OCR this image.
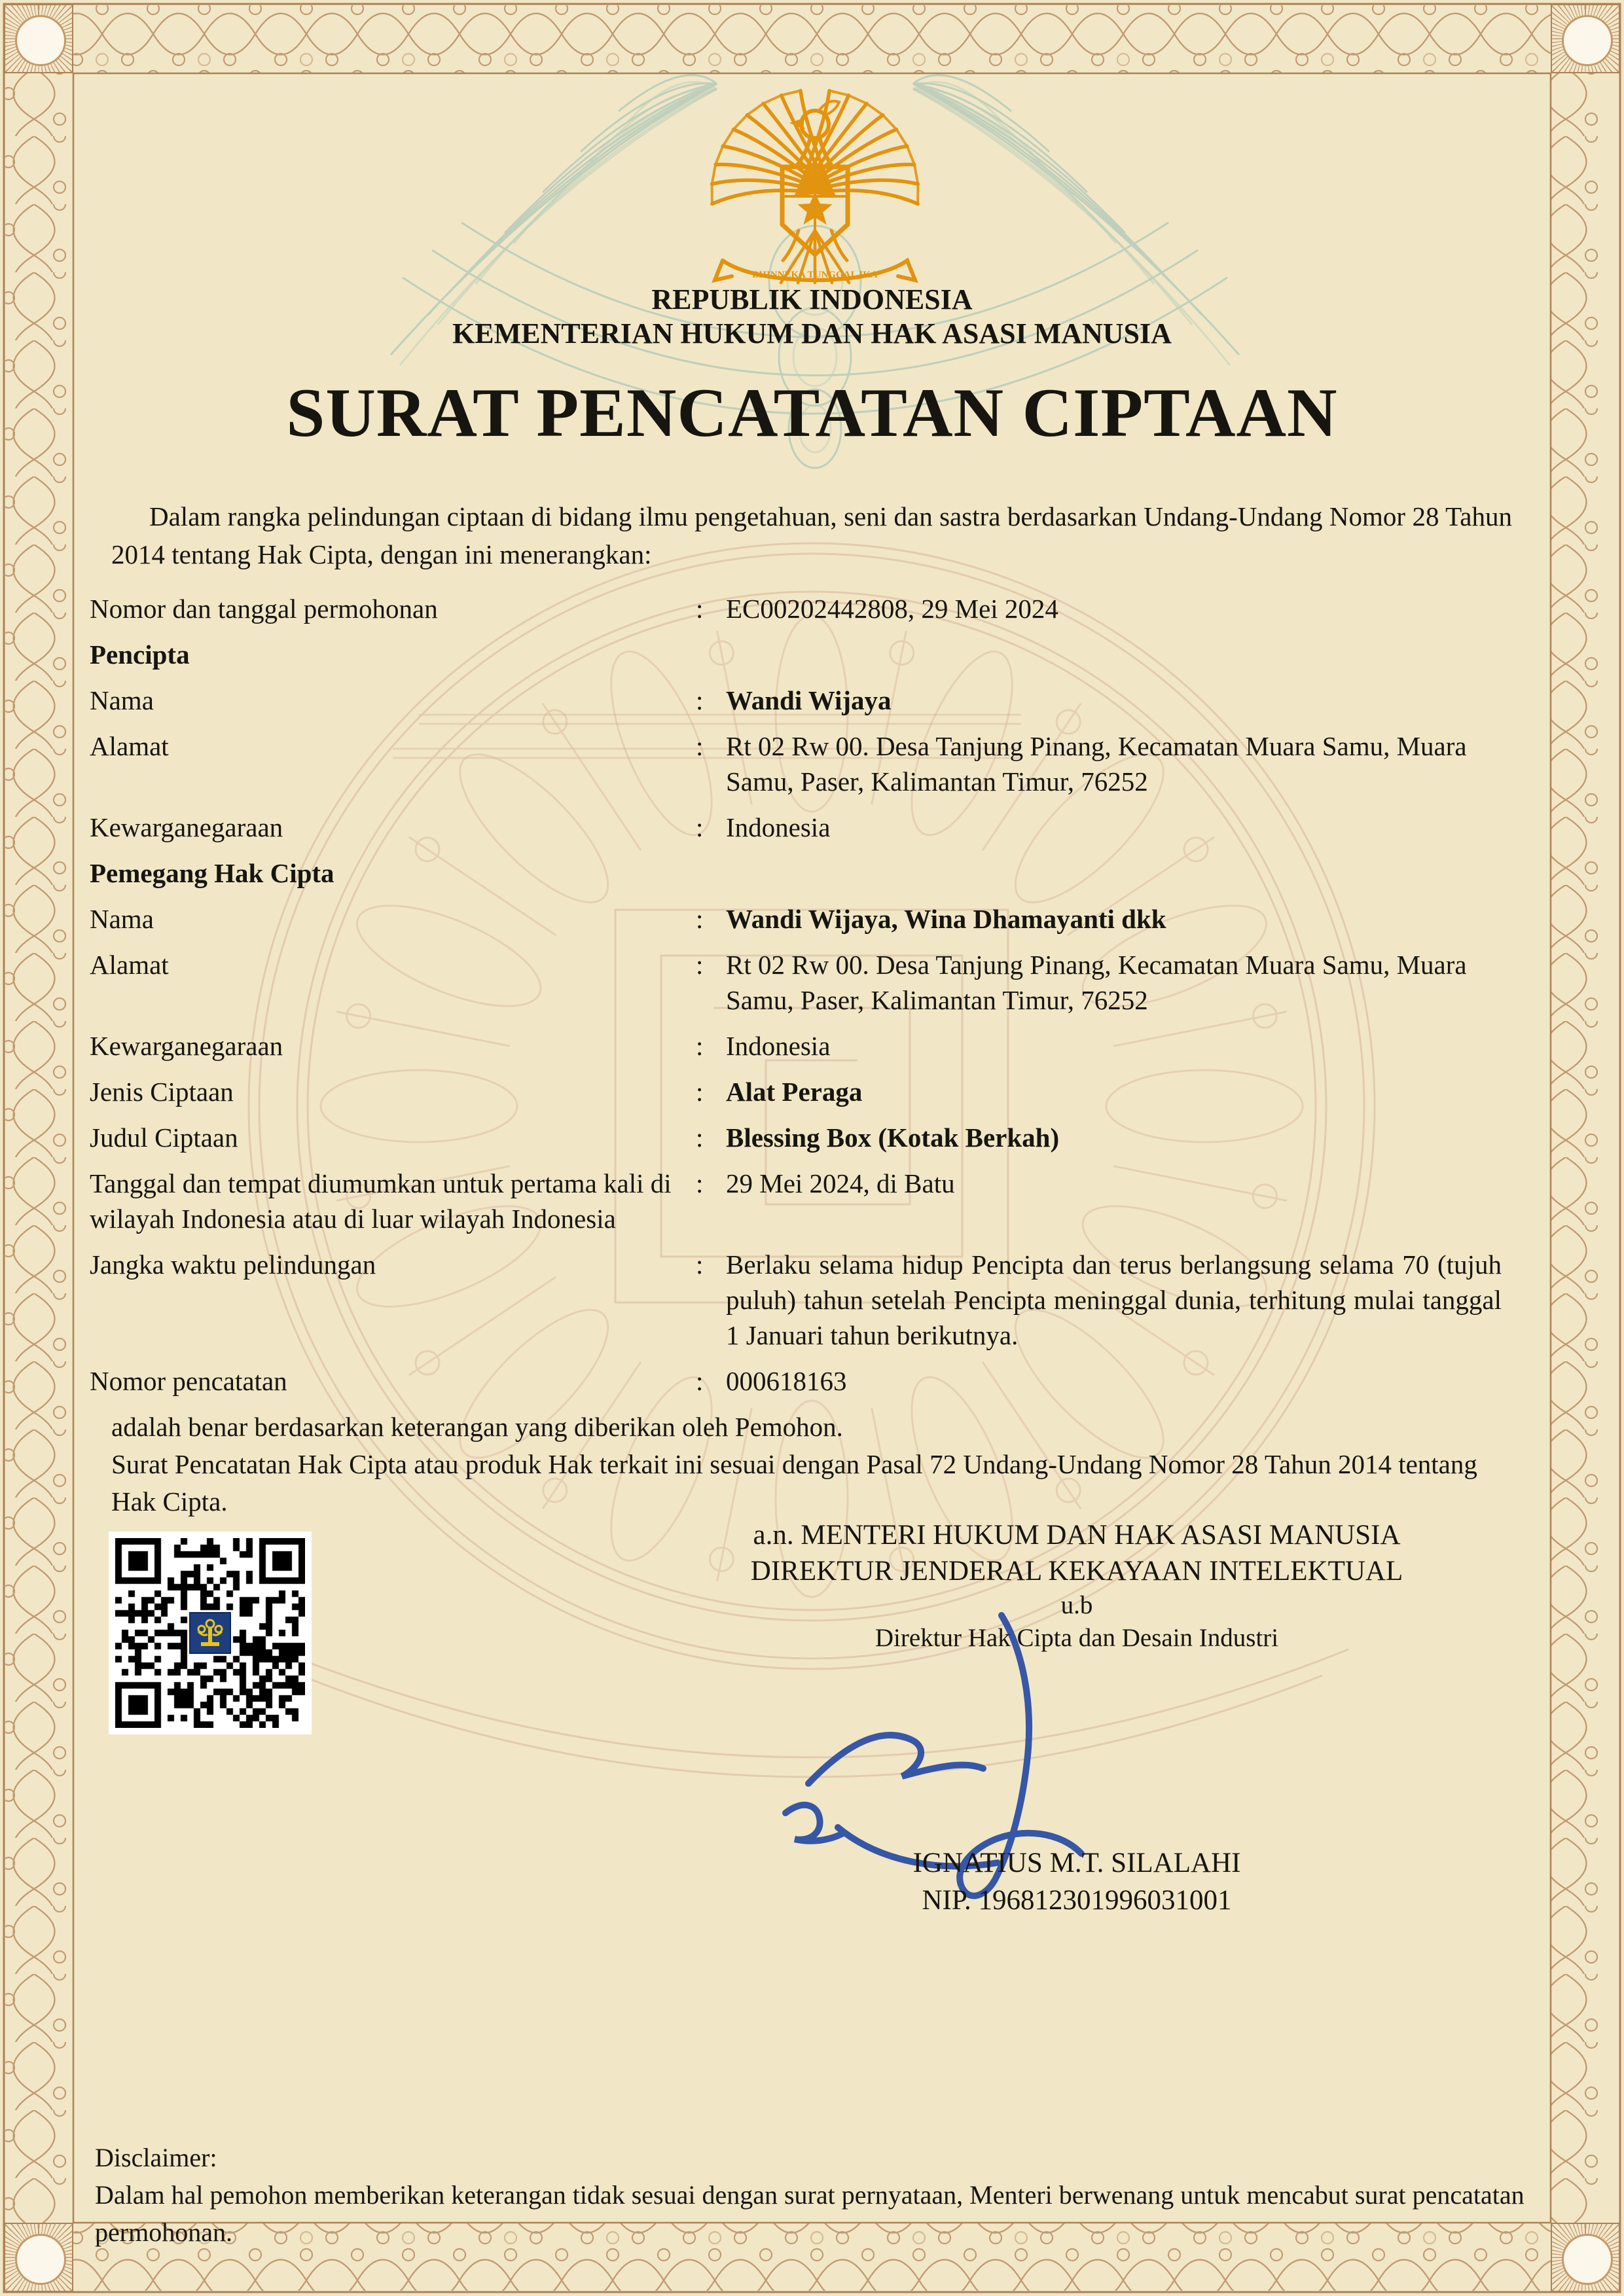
BHINNEKA TUNGGAL IKA
REPUBLIK INDONESIA
KEMENTERIAN HUKUM DAN HAK ASASI MANUSIA
SURAT PENCATATAN CIPTAAN
Dalam rangka pelindungan ciptaan di bidang ilmu pengetahuan, seni dan sastra berdasarkan Undang-Undang Nomor 28 Tahun 2014 tentang Hak Cipta, dengan ini menerangkan:
Nomor dan tanggal permohonan	: EC00202442808, 29 Mei 2024
Pencipta
Nama	: Wandi Wijaya
Alamat	: Rt 02 Rw 00. Desa Tanjung Pinang, Kecamatan Muara Samu, Muara Samu, Paser, Kalimantan Timur, 76252
Kewarganegaraan	: Indonesia
Pemegang Hak Cipta
Nama	: Wandi Wijaya, Wina Dhamayanti dkk
Alamat	: Rt 02 Rw 00. Desa Tanjung Pinang, Kecamatan Muara Samu, Muara Samu, Paser, Kalimantan Timur, 76252
Kewarganegaraan	: Indonesia
Jenis Ciptaan	: Alat Peraga
Judul Ciptaan	: Blessing Box (Kotak Berkah)
Tanggal dan tempat diumumkan untuk pertama kali di wilayah Indonesia atau di luar wilayah Indonesia
: 29 Mei 2024, di Batu
Jangka waktu pelindungan	: Berlaku selama hidup Pencipta dan terus berlangsung selama 70 (tujuh puluh) tahun setelah Pencipta meninggal dunia, terhitung mulai tanggal 1 Januari tahun berikutnya.
Nomor pencatatan	: 000618163
adalah benar berdasarkan keterangan yang diberikan oleh Pemohon.
Surat Pencatatan Hak Cipta atau produk Hak terkait ini sesuai dengan Pasal 72 Undang-Undang Nomor 28 Tahun 2014 tentang Hak Cipta.
a.n. MENTERI HUKUM DAN HAK ASASI MANUSIA
DIREKTUR JENDERAL KEKAYAAN INTELEKTUAL
u.b
Direktur Hak Cipta dan Desain Industri
IGNATIUS M.T. SILALAHI
NIP. 196812301996031001
Disclaimer:
Dalam hal pemohon memberikan keterangan tidak sesuai dengan surat pernyataan, Menteri berwenang untuk mencabut surat pencatatan permohonan.
